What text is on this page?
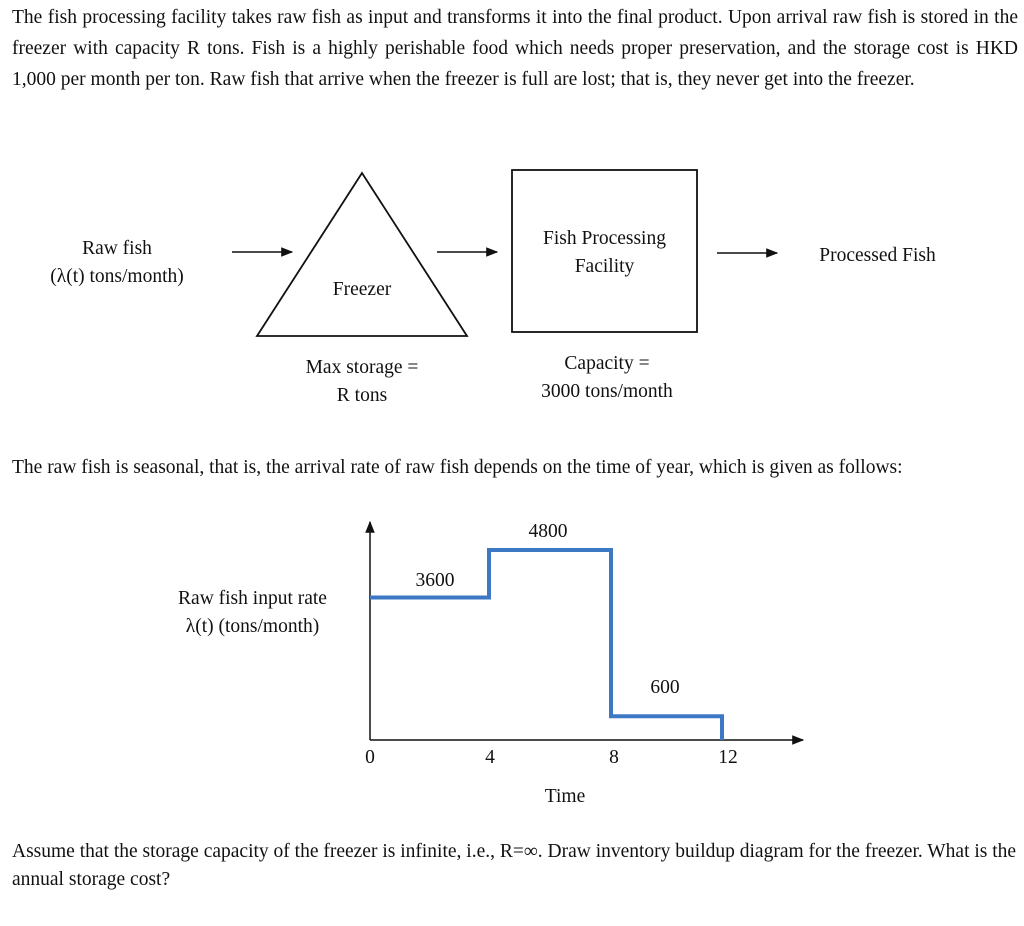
The fish processing facility takes raw fish as input and transforms it into the final product. Upon arrival raw fish is stored in the freezer with capacity R tons. Fish is a highly perishable food which needs proper preservation, and the storage cost is HKD 1,000 per month per ton. Raw fish that arrive when the freezer is full are lost; that is, they never get into the freezer.
The raw fish is seasonal, that is, the arrival rate of raw fish depends on the time of year, which is given as follows:
Assume that the storage capacity of the freezer is infinite, i.e., R=∞. Draw inventory buildup diagram for the freezer. What is the annual storage cost?
Raw fish
(λ(t) tons/month)
Freezer
Fish Processing
Facility
Processed Fish
Max storage =
R tons
Capacity =
3000 tons/month
Raw fish input rate
λ(t) (tons/month)
0	4	8	12
Time
3600
4800
600
